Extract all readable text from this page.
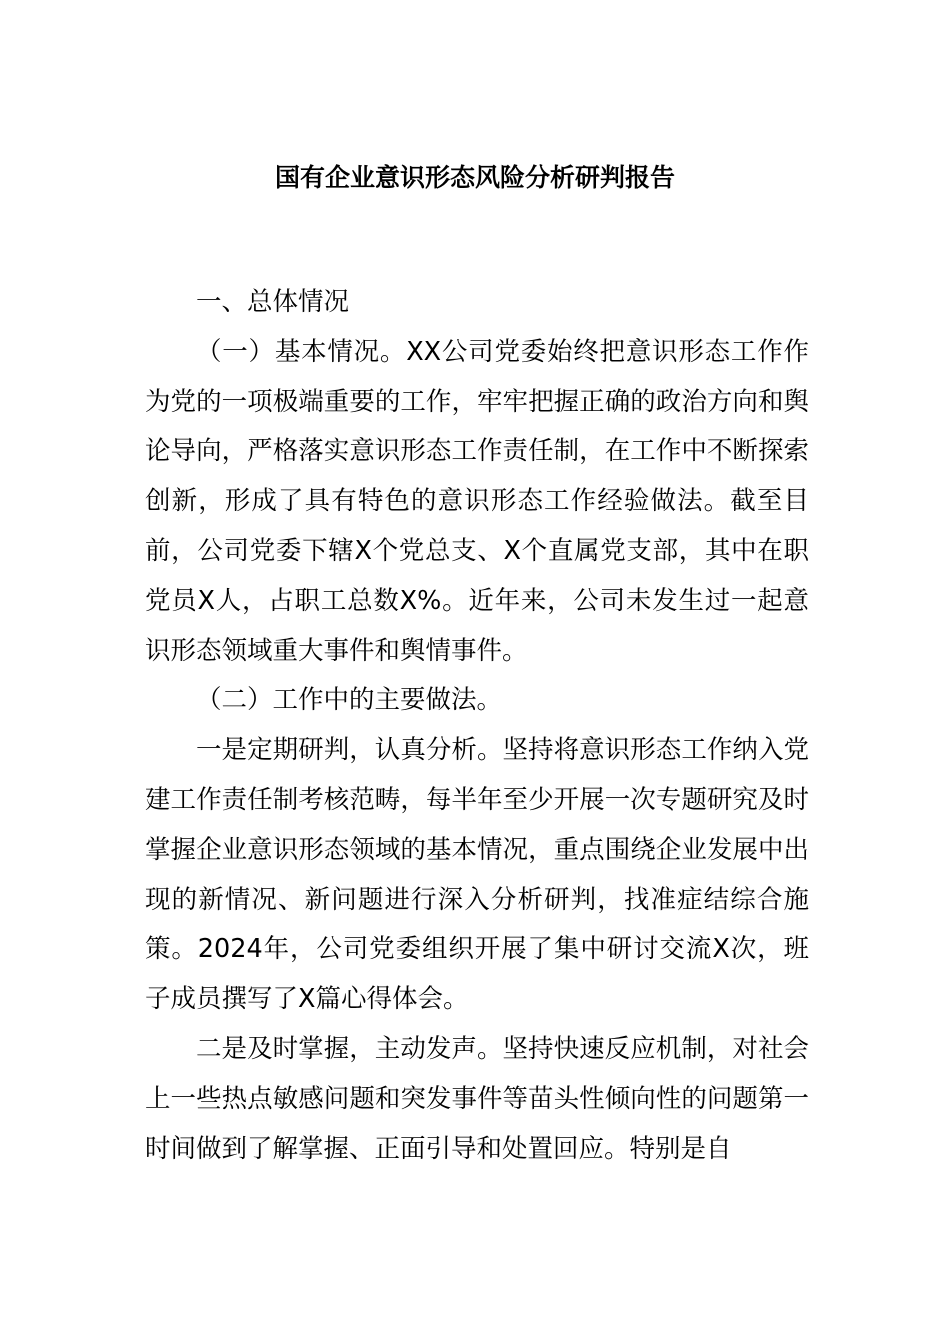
国有企业意识形态风险分析研判报告

一、总体情况

（一）基本情况。XX公司党委始终把意识形态工作作为党的一项极端重要的工作，牢牢把握正确的政治方向和舆论导向，严格落实意识形态工作责任制，在工作中不断探索创新，形成了具有特色的意识形态工作经验做法。截至目前，公司党委下辖X个党总支、X个直属党支部，其中在职党员X人，占职工总数X%。近年来，公司未发生过一起意识形态领域重大事件和舆情事件。

（二）工作中的主要做法。

一是定期研判，认真分析。坚持将意识形态工作纳入党建工作责任制考核范畴，每半年至少开展一次专题研究及时掌握企业意识形态领域的基本情况，重点围绕企业发展中出现的新情况、新问题进行深入分析研判，找准症结综合施策。2024年，公司党委组织开展了集中研讨交流X次，班子成员撰写了X篇心得体会。

二是及时掌握，主动发声。坚持快速反应机制，对社会上一些热点敏感问题和突发事件等苗头性倾向性的问题第一时间做到了解掌握、正面引导和处置回应。特别是自
